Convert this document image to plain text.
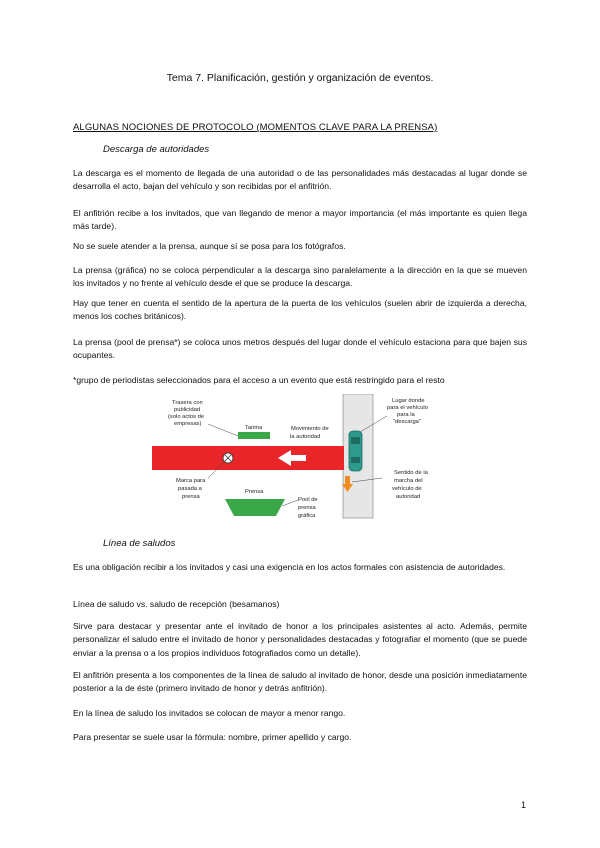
Tema 7. Planificación, gestión y organización de eventos.
ALGUNAS NOCIONES DE PROTOCOLO (MOMENTOS CLAVE PARA LA PRENSA)
Descarga de autoridades

La descarga es el momento de llegada de una autoridad o de las personalidades más destacadas al lugar donde se desarrolla el acto, bajan del vehículo y son recibidas por el anfitrión.

El anfitrión recibe a los invitados, que van llegando de menor a mayor importancia (el más importante es quien llega más tarde).

No se suele atender a la prensa, aunque sí se posa para los fotógrafos.

La prensa (gráfica) no se coloca perpendicular a la descarga sino paralelamente a la dirección en la que se mueven los invitados y no frente al vehículo desde el que se produce la descarga.

Hay que tener en cuenta el sentido de la apertura de la puerta de los vehículos (suelen abrir de izquierda a derecha, menos los coches británicos).

La prensa (pool de prensa*) se coloca unos metros después del lugar donde el vehículo estaciona para que bajen sus ocupantes.

*grupo de periodistas seleccionados para el acceso a un evento que está restringido para el resto

Trasera con publicidad (solo actos de empresas)
Tarima	Movimiento de la autoridad
Lugar donde para el vehículo para la "descarga"
Sentido de la marcha del vehículo de autoridad
Marca para pasada a prensa
Prensa
Pool de prensa gráfica
Línea de saludos

Es una obligación recibir a los invitados y casi una exigencia en los actos formales con asistencia de autoridades.

Línea de saludo vs. saludo de recepción (besamanos)

Sirve para destacar y presentar ante el invitado de honor a los principales asistentes al acto. Además, permite personalizar el saludo entre el invitado de honor y personalidades destacadas y fotografiar el momento (que se puede enviar a la prensa o a los propios individuos fotografiados como un detalle).

El anfitrión presenta a los componentes de la línea de saludo al invitado de honor, desde una posición inmediatamente posterior a la de éste (primero invitado de honor y detrás anfitrión).

En la línea de saludo los invitados se colocan de mayor a menor rango.

Para presentar se suele usar la fórmula: nombre, primer apellido y cargo.

1
